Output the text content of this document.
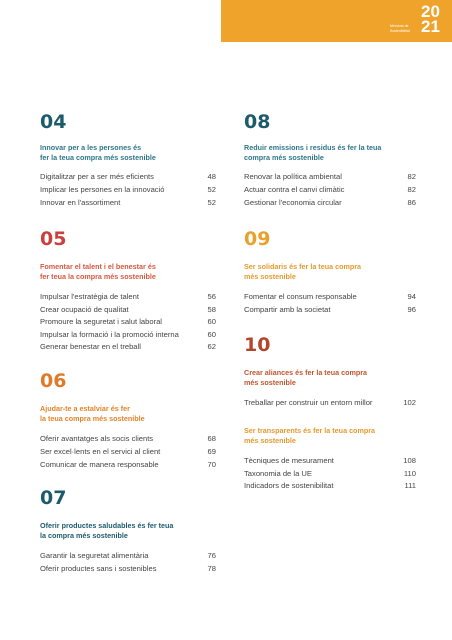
Memòria de Sostenibilitat
20
21
04
Innovar per a les persones és
fer la teua compra més sostenible
Digitalitzar per a ser més eficients	48
Implicar les persones en la innovació	52
Innovar en l'assortiment	52
05
Fomentar el talent i el benestar és
fer teua la compra més sostenible
Impulsar l'estratègia de talent	56
Crear ocupació de qualitat	58
Promoure la seguretat i salut laboral	60
Impulsar la formació i la promoció interna	60
Generar benestar en el treball	62
06
Ajudar-te a estalviar és fer
la teua compra més sostenible
Oferir avantatges als socis clients	68
Ser excel·lents en el servici al client	69
Comunicar de manera responsable	70
07
Oferir productes saludables és fer teua
la compra més sostenible
Garantir la seguretat alimentària	76
Oferir productes sans i sostenibles	78
08
Reduir emissions i residus és fer la teua
compra més sostenible
Renovar la política ambiental	82
Actuar contra el canvi climàtic	82
Gestionar l'economia circular	86
09
Ser solidaris és fer la teua compra
més sostenible
Fomentar el consum responsable	94
Compartir amb la societat	96
10
Crear aliances és fer la teua compra
més sostenible
Treballar per construir un entorn millor	102
Ser transparents és fer la teua compra
més sostenible
Tècniques de mesurament	108
Taxonomia de la UE	110
Indicadors de sostenibilitat	111
